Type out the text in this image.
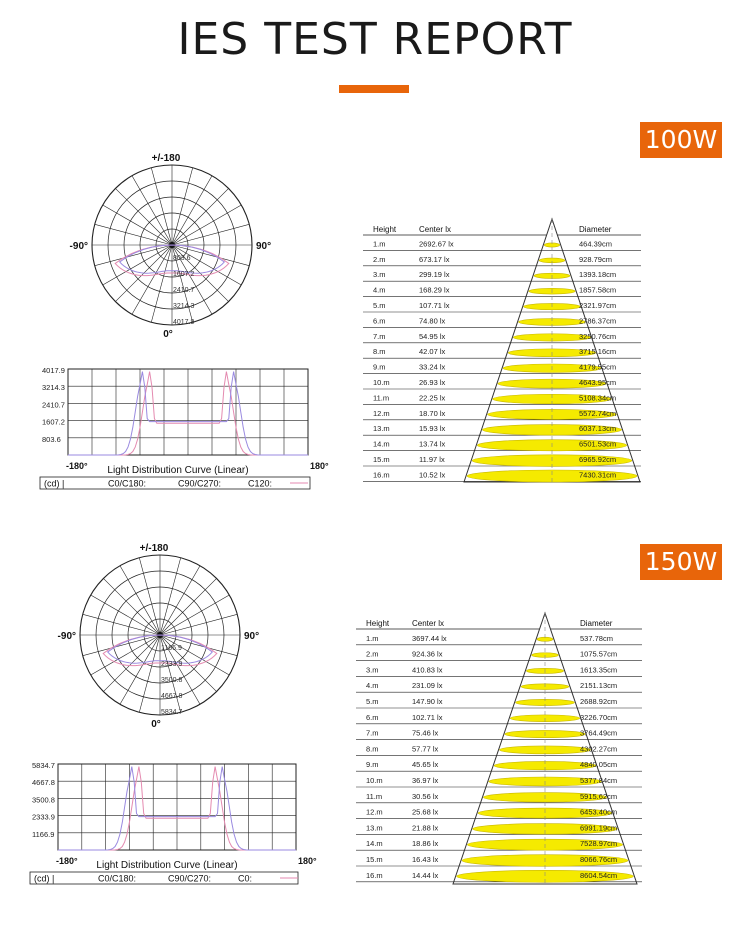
IES TEST REPORT
100W
150W
+/-180
-90°	90°
0°
803.6
1607.2
2410.7
3214.3
4017.9
4017.9
3214.3
2410.7
1607.2
803.6
-180°	180°
Light Distribution Curve (Linear)
(cd) |	C0/C180:	C90/C270:	C120:
Height	Center lx	Diameter
1.m	2692.67 lx	464.39cm
2.m	673.17 lx	928.79cm
3.m	299.19 lx	1393.18cm
4.m	168.29 lx	1857.58cm
5.m	107.71 lx	2321.97cm
6.m	74.80 lx	2786.37cm
7.m	54.95 lx	3250.76cm
8.m	42.07 lx	3715.16cm
9.m	33.24 lx	4179.55cm
10.m	26.93 lx	4643.95cm
11.m	22.25 lx	5108.34cm
12.m	18.70 lx	5572.74cm
13.m	15.93 lx	6037.13cm
14.m	13.74 lx	6501.53cm
15.m	11.97 lx	6965.92cm
16.m	10.52 lx	7430.31cm
+/-180
-90°	90°
0°
1166.9
2333.9
3500.8
4667.8
5834.7
5834.7
4667.8
3500.8
2333.9
1166.9
-180°	180°
Light Distribution Curve (Linear)
(cd) |	C0/C180:	C90/C270:	C0:
Height	Center lx	Diameter
1.m	3697.44 lx	537.78cm
2.m	924.36 lx	1075.57cm
3.m	410.83 lx	1613.35cm
4.m	231.09 lx	2151.13cm
5.m	147.90 lx	2688.92cm
6.m	102.71 lx	3226.70cm
7.m	75.46 lx	3764.49cm
8.m	57.77 lx	4302.27cm
9.m	45.65 lx	4840.05cm
10.m	36.97 lx	5377.84cm
11.m	30.56 lx	5915.62cm
12.m	25.68 lx	6453.40cm
13.m	21.88 lx	6991.19cm
14.m	18.86 lx	7528.97cm
15.m	16.43 lx	8066.76cm
16.m	14.44 lx	8604.54cm
